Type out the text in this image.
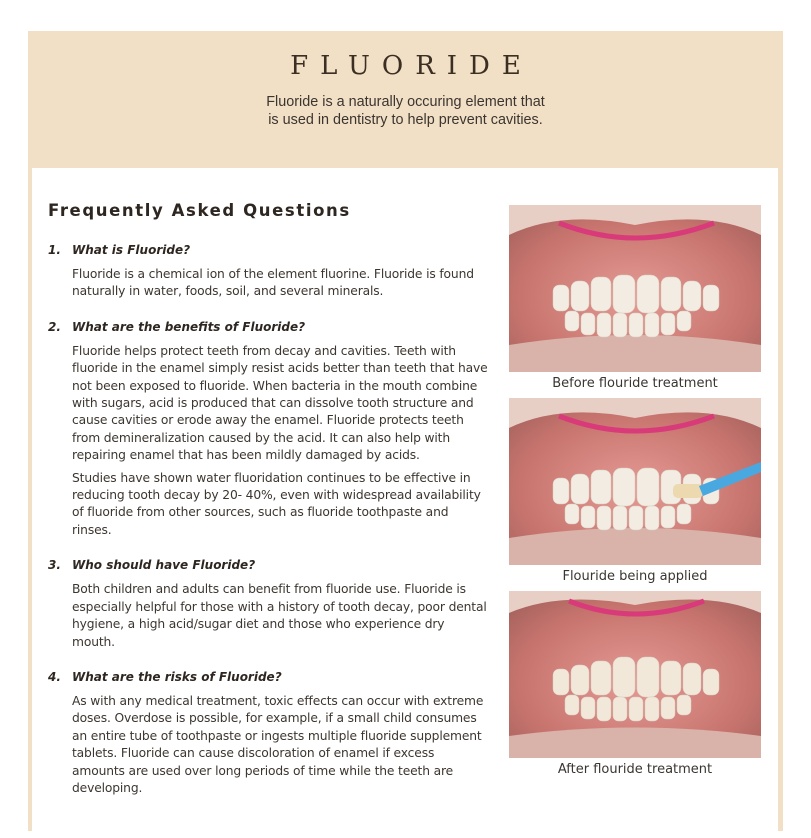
FLUORIDE
Fluoride is a naturally occuring element that
is used in dentistry to help prevent cavities.
Frequently Asked Questions
1. What is Fluoride?

Fluoride is a chemical ion of the element fluorine. Fluoride is found naturally in water, foods, soil, and several minerals.

2. What are the benefits of Fluoride?

Fluoride helps protect teeth from decay and cavities. Teeth with fluoride in the enamel simply resist acids better than teeth that have not been exposed to fluoride. When bacteria in the mouth combine with sugars, acid is produced that can dissolve tooth structure and cause cavities or erode away the enamel. Fluoride protects teeth from demineralization caused by the acid. It can also help with repairing enamel that has been mildly damaged by acids.

Studies have shown water fluoridation continues to be effective in reducing tooth decay by 20- 40%, even with widespread availability of fluoride from other sources, such as fluoride toothpaste and rinses.

3. Who should have Fluoride?

Both children and adults can benefit from fluoride use. Fluoride is especially helpful for those with a history of tooth decay, poor dental hygiene, a high acid/sugar diet and those who experience dry mouth.

4. What are the risks of Fluoride?

As with any medical treatment, toxic effects can occur with extreme doses. Overdose is possible, for example, if a small child consumes an entire tube of toothpaste or ingests multiple fluoride supplement tablets. Fluoride can cause discoloration of enamel if excess amounts are used over long periods of time while the teeth are developing.

Before flouride treatment
Flouride being applied
After flouride treatment
